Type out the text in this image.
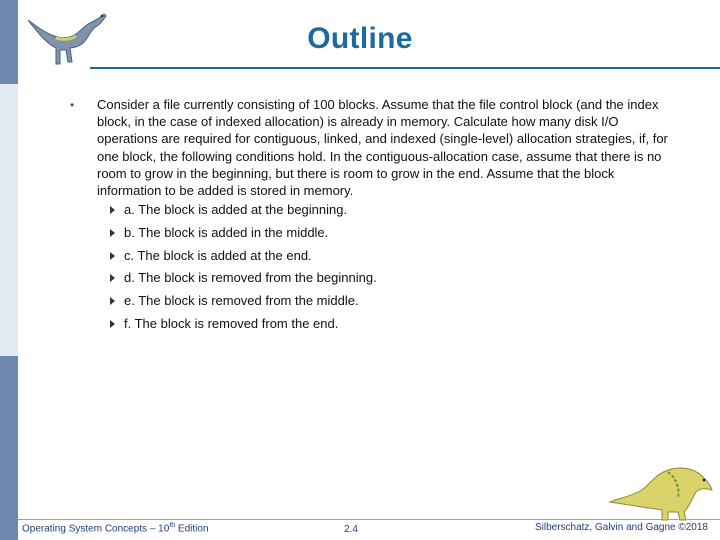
Outline
• Consider a file currently consisting of 100 blocks. Assume that the file control block (and the index block, in the case of indexed allocation) is already in memory. Calculate how many disk I/O operations are required for contiguous, linked, and indexed (single-level) allocation strategies, if, for one block, the following conditions hold. In the contiguous-allocation case, assume that there is no room to grow in the beginning, but there is room to grow in the end. Assume that the block information to be added is stored in memory.
a. The block is added at the beginning.
b. The block is added in the middle.
c. The block is added at the end.
d. The block is removed from the beginning.
e. The block is removed from the middle.
f. The block is removed from the end.
Operating System Concepts – 10th Edition	2.4	Silberschatz, Galvin and Gagne ©2018
